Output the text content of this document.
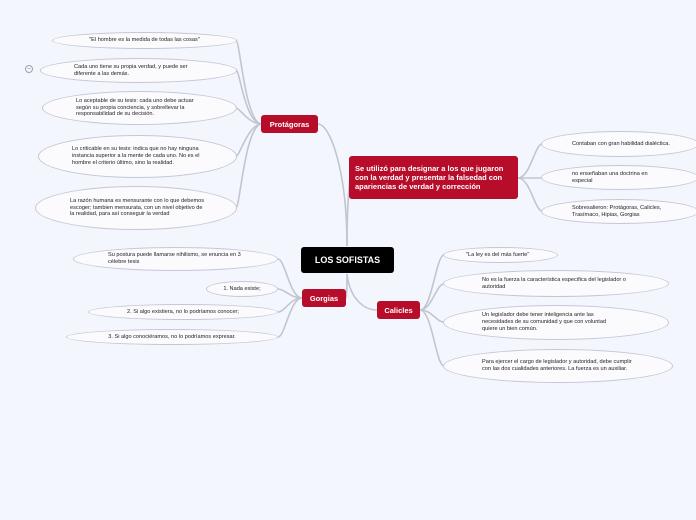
LOS SOFISTAS
Se utilizó para designar a los que jugaron con la verdad y presentar la falsedad con apariencias de verdad y corrección
Contaban con gran habilidad dialéctica.
no enseñaban una doctrina en especial
Sobresalieron: Protágoras, Calicles, Trasímaco, Hipias, Gorgias
Protágoras
"El hombre es la medida de todas las cosas"
Cada uno tiene su propia verdad, y puede ser diferente a las demás.
–
Lo aceptable de su tesis: cada uno debe actuar según su propia conciencia, y sobrellevar la responsabilidad de su decisión.
Lo criticable en su tesis: indica que no hay ninguna instancia superior a la mente de cada uno. No es el hombre el criterio último, sino la realidad.
La razón humana es mensurante con lo que debemos escoger; tambien mensurata, con un nivel objetivo de la realidad, para así conseguir la verdad
Gorgias
Su postura puede llamarse nihilismo, se enuncia en 3 célebre tesis
1. Nada existe;
2. Si algo existiera, no lo podríamos conocer;
3. Si algo conociéramos, no lo podríamos expresar.
Calicles
"La ley es del más fuerte"
No es la fuerza la característica especifica del legislador o autoridad
Un legislador debe tener inteligencia ante las necesidades de su comunidad y que con voluntad quiere un bien común.
Para ejercer el cargo de legislador y autoridad, debe cumplir con las dos cualidades anteriores. La fuerza es un auxiliar.
